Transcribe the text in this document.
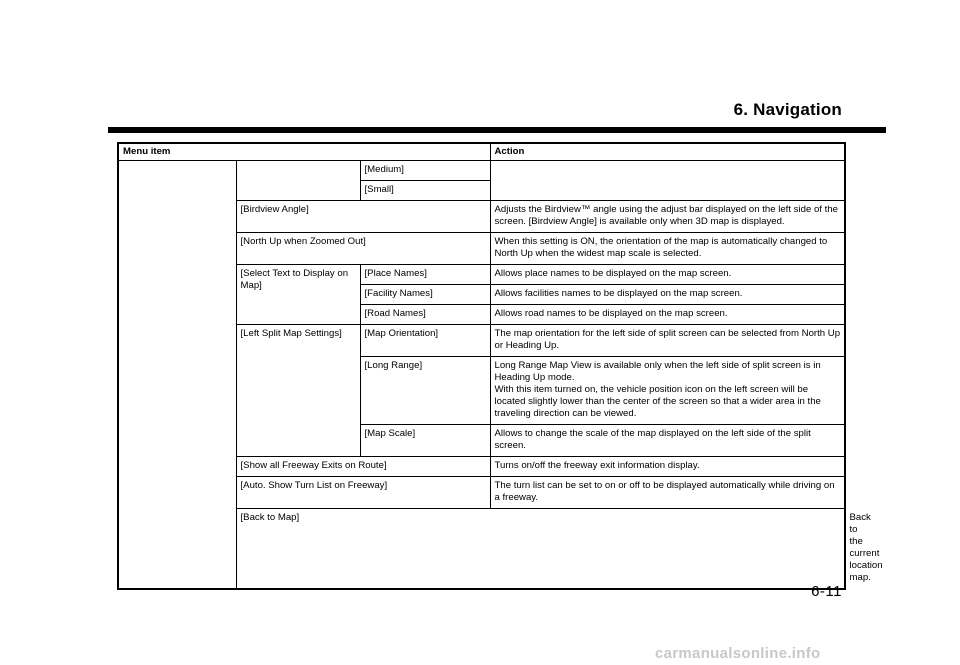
6. Navigation
Menu item			Action	
		[Medium]		
		[Small]		
	[Birdview Angle]		Adjusts the Birdview™ angle using the adjust bar displayed on the left side of the screen. [Birdview Angle] is available only when 3D map is displayed.	
	[North Up when Zoomed Out]		When this setting is ON, the orientation of the map is automatically changed to North Up when the widest map scale is selected.	
	[Select Text to Display on Map]	[Place Names]	Allows place names to be displayed on the map screen.	
		[Facility Names]	Allows facilities names to be displayed on the map screen.	
		[Road Names]	Allows road names to be displayed on the map screen.	
	[Left Split Map Settings]	[Map Orientation]	The map orientation for the left side of split screen can be selected from North Up or Heading Up.	
		[Long Range]	Long Range Map View is available only when the left side of split screen is in Heading Up mode.
With this item turned on, the vehicle position icon on the left screen will be located slightly lower than the center of the screen so that a wider area in the traveling direction can be viewed.	
		[Map Scale]	Allows to change the scale of the map displayed on the left side of the split screen.	
	[Show all Freeway Exits on Route]		Turns on/off the freeway exit information display.	
	[Auto. Show Turn List on Freeway]		The turn list can be set to on or off to be displayed automatically while driving on a freeway.	
	[Back to Map]			Back to the current location map.
6-11
carmanualsonline.info
